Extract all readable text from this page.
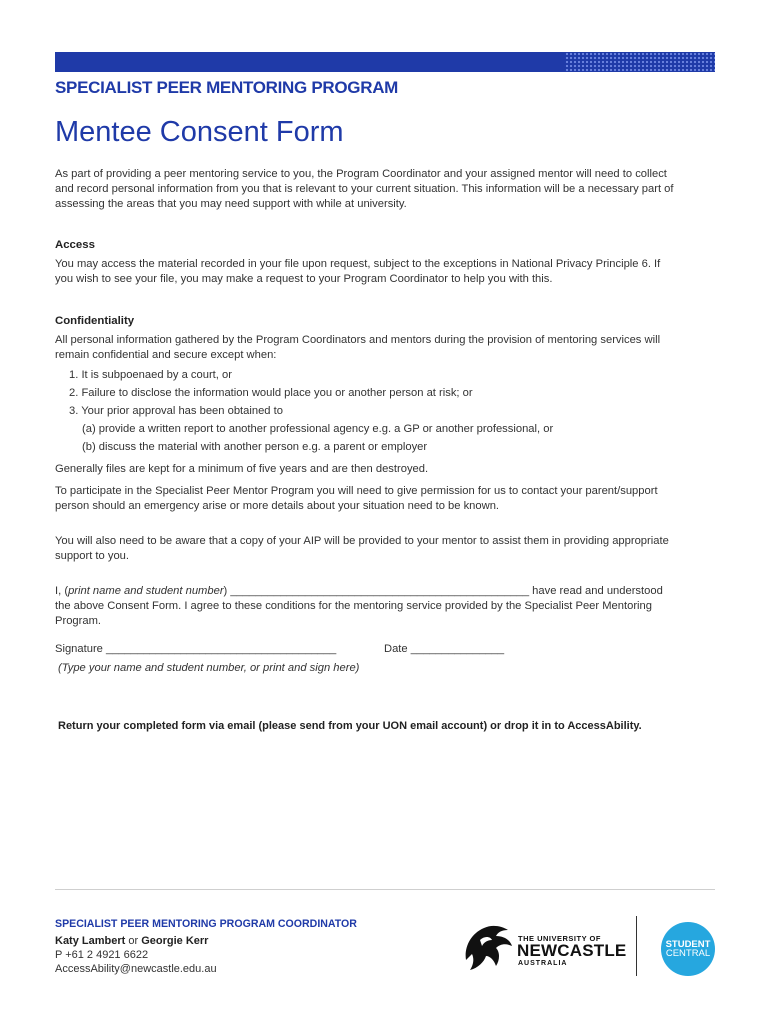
SPECIALIST PEER MENTORING PROGRAM
Mentee Consent Form
As part of providing a peer mentoring service to you, the Program Coordinator and your assigned mentor will need to collect and record personal information from you that is relevant to your current situation. This information will be a necessary part of assessing the areas that you may need support with while at university.
Access
You may access the material recorded in your file upon request, subject to the exceptions in National Privacy Principle 6. If you wish to see your file, you may make a request to your Program Coordinator to help you with this.
Confidentiality
All personal information gathered by the Program Coordinators and mentors during the provision of mentoring services will remain confidential and secure except when:
1. It is subpoenaed by a court, or
2. Failure to disclose the information would place you or another person at risk; or
3. Your prior approval has been obtained to
(a) provide a written report to another professional agency e.g. a GP or another professional, or
(b) discuss the material with another person e.g. a parent or employer
Generally files are kept for a minimum of five years and are then destroyed.
To participate in the Specialist Peer Mentor Program you will need to give permission for us to contact your parent/support person should an emergency arise or more details about your situation need to be known.
You will also need to be aware that a copy of your AIP will be provided to your mentor to assist them in providing appropriate support to you.
I, (print name and student number) ________________________________________________ have read and understood the above Consent Form. I agree to these conditions for the mentoring service provided by the Specialist Peer Mentoring Program.
Signature _____________________________________	Date _______________
(Type your name and student number, or print and sign here)
Return your completed form via email (please send from your UON email account) or drop it in to AccessAbility.
SPECIALIST PEER MENTORING PROGRAM COORDINATOR
Katy Lambert or Georgie Kerr
P +61 2 4921 6622
AccessAbility@newcastle.edu.au
THE UNIVERSITY OF
NEWCASTLE
AUSTRALIA
STUDENT
CENTRAL
